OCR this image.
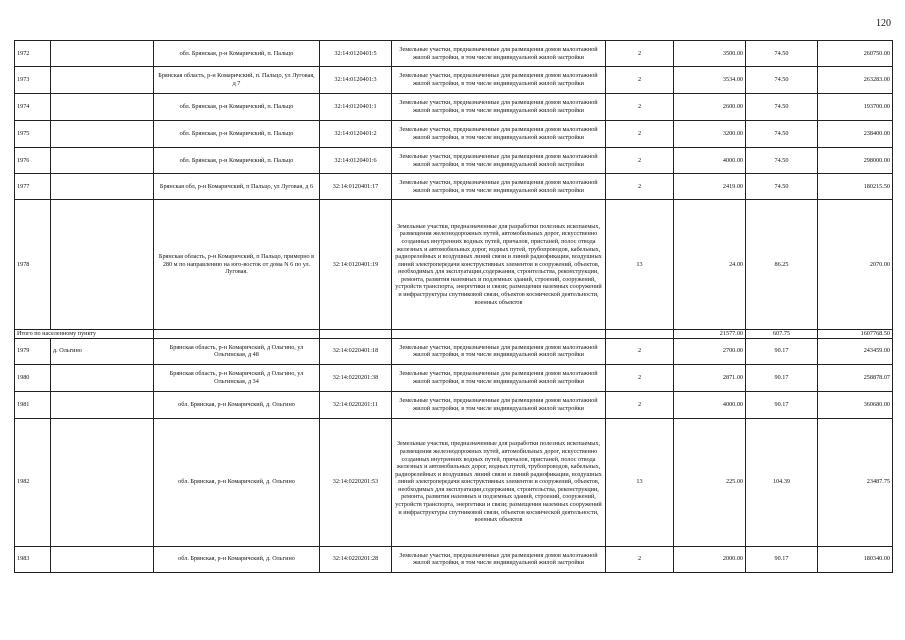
120
1972		обл. Брянская, р-н Комаричский, п. Пальцо	32:14:0120401:5	Земельные участки, предназначенные для размещения домов малоэтажной жилой застройки, в том числе индивидуальной жилой застройки	2	3500.00	74.50	260750.00
1973		Брянская область, р-н Комаричский, п. Пальцо, ул Луговая, д 7	32:14:0120401:3	Земельные участки, предназначенные для размещения домов малоэтажной жилой застройки, в том числе индивидуальной жилой застройки	2	3534.00	74.50	263283.00
1974		обл. Брянская, р-н Комаричский, п. Пальцо	32:14:0120401:1	Земельные участки, предназначенные для размещения домов малоэтажной жилой застройки, в том числе индивидуальной жилой застройки	2	2600.00	74.50	193700.00
1975		обл. Брянская, р-н Комаричский, п. Пальцо	32:14:0120401:2	Земельные участки, предназначенные для размещения домов малоэтажной жилой застройки, в том числе индивидуальной жилой застройки	2	3200.00	74.50	238400.00
1976		обл. Брянская, р-н Комаричский, п. Пальцо	32:14:0120401:6	Земельные участки, предназначенные для размещения домов малоэтажной жилой застройки, в том числе индивидуальной жилой застройки	2	4000.00	74.50	298000.00
1977		Брянская обл, р-н Комаричский, п Пальцо, ул Луговая, д 6	32:14:0120401:17	Земельные участки, предназначенные для размещения домов малоэтажной жилой застройки, в том числе индивидуальной жилой застройки	2	2419.00	74.50	180215.50
1978		Брянская область, р-н Комаричский, п Пальцо, примерно в 280 м по направлению на юго-восток от дома N 6 по ул. Луговая.	32:14:0120401:19	Земельные участки, предназначенные для разработки полезных ископаемых, размещения железнодорожных путей, автомобильных дорог, искусственно созданных внутренних водных путей, причалов, пристаней, полос отвода железных и автомобильных дорог, водных путей, трубопроводов, кабельных, радиорелейных и воздушных линий связи и линий радиофикации, воздушных линий электропередачи конструктивных элементов и сооружений, объектов, необходимых для эксплуатации,содержания, строительства, реконструкции, ремонта, развития наземных и подземных зданий, строений, сооружений, устройств транспорта, энергетики и связи; размещения наземных сооружений и инфраструктуры спутниковой связи, объектов космической деятельности, военных объектов	13	24.00	86.25	2070.00
Итого по населенному пункту						21577.00	607.75	1607768.50
1979	д. Ольгино	Брянская область, р-н Комаричский, д Ольгино, ул Ольгинская, д 48	32:14:0220401:18	Земельные участки, предназначенные для размещения домов малоэтажной жилой застройки, в том числе индивидуальной жилой застройки	2	2700.00	90.17	243459.00
1980		Брянская область, р-н Комаричский, д Ольгино, ул Ольгинская, д 34	32:14:0220201:38	Земельные участки, предназначенные для размещения домов малоэтажной жилой застройки, в том числе индивидуальной жилой застройки	2	2871.00	90.17	258878.07
1981		обл. Брянская, р-н Комаричский, д. Ольгино	32:14:0220201:11	Земельные участки, предназначенные для размещения домов малоэтажной жилой застройки, в том числе индивидуальной жилой застройки	2	4000.00	90.17	360680.00
1982		обл. Брянская, р-н Комаричский, д. Ольгино	32:14:0220201:53	Земельные участки, предназначенные для разработки полезных ископаемых, размещения железнодорожных путей, автомобильных дорог, искусственно созданных внутренних водных путей, причалов, пристаней, полос отвода железных и автомобильных дорог, водных путей, трубопроводов, кабельных, радиорелейных и воздушных линий связи и линий радиофикации, воздушных линий электропередачи конструктивных элементов и сооружений, объектов, необходимых для эксплуатации,содержания, строительства, реконструкции, ремонта, развития наземных и подземных зданий, строений, сооружений, устройств транспорта, энергетики и связи; размещения наземных сооружений и инфраструктуры спутниковой связи, объектов космической деятельности, военных объектов	13	225.00	104.39	23487.75
1983		обл. Брянская, р-н Комаричский, д. Ольгино	32:14:0220201:28	Земельные участки, предназначенные для размещения домов малоэтажной жилой застройки, в том числе индивидуальной жилой застройки	2	2000.00	90.17	180340.00
